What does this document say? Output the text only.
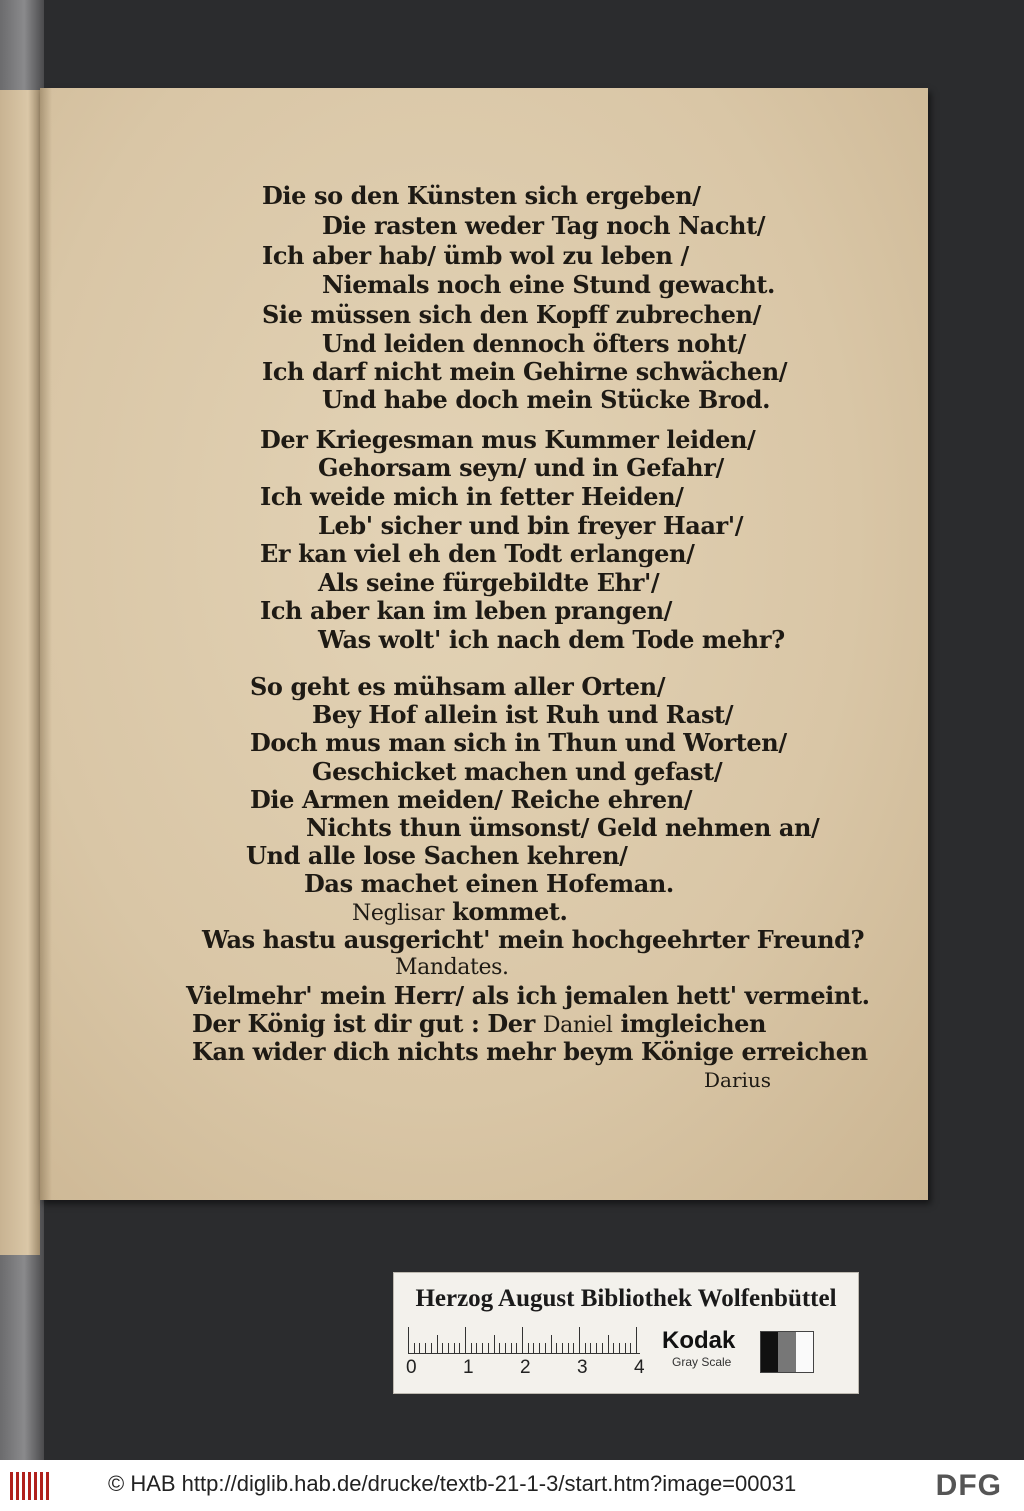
Die so den Künsten sich ergeben/
Die rasten weder Tag noch Nacht/
Ich aber hab/ ümb wol zu leben /
Niemals noch eine Stund gewacht.
Sie müssen sich den Kopff zubrechen/
Und leiden dennoch öfters noht/
Ich darf nicht mein Gehirne schwächen/
Und habe doch mein Stücke Brod.
Der Kriegesman mus Kummer leiden/
Gehorsam seyn/ und in Gefahr/
Ich weide mich in fetter Heiden/
Leb' sicher und bin freyer Haar'/
Er kan viel eh den Todt erlangen/
Als seine fürgebildte Ehr'/
Ich aber kan im leben prangen/
Was wolt' ich nach dem Tode mehr?
So geht es mühsam aller Orten/
Bey Hof allein ist Ruh und Rast/
Doch mus man sich in Thun und Worten/
Geschicket machen und gefast/
Die Armen meiden/ Reiche ehren/
Nichts thun ümsonst/ Geld nehmen an/
Und alle lose Sachen kehren/
Das machet einen Hofeman.
Neglisar kommet.
Was hastu ausgericht' mein hochgeehrter Freund?
Mandates.
Vielmehr' mein Herr/ als ich jemalen hett' vermeint.
Der König ist dir gut : Der Daniel imgleichen
Kan wider dich nichts mehr beym Könige erreichen
Darius
Herzog August Bibliothek Wolfenbüttel
0 1 2 3 4
Kodak
Gray Scale
© HAB http://diglib.hab.de/drucke/textb-21-1-3/start.htm?image=00031	DFG
